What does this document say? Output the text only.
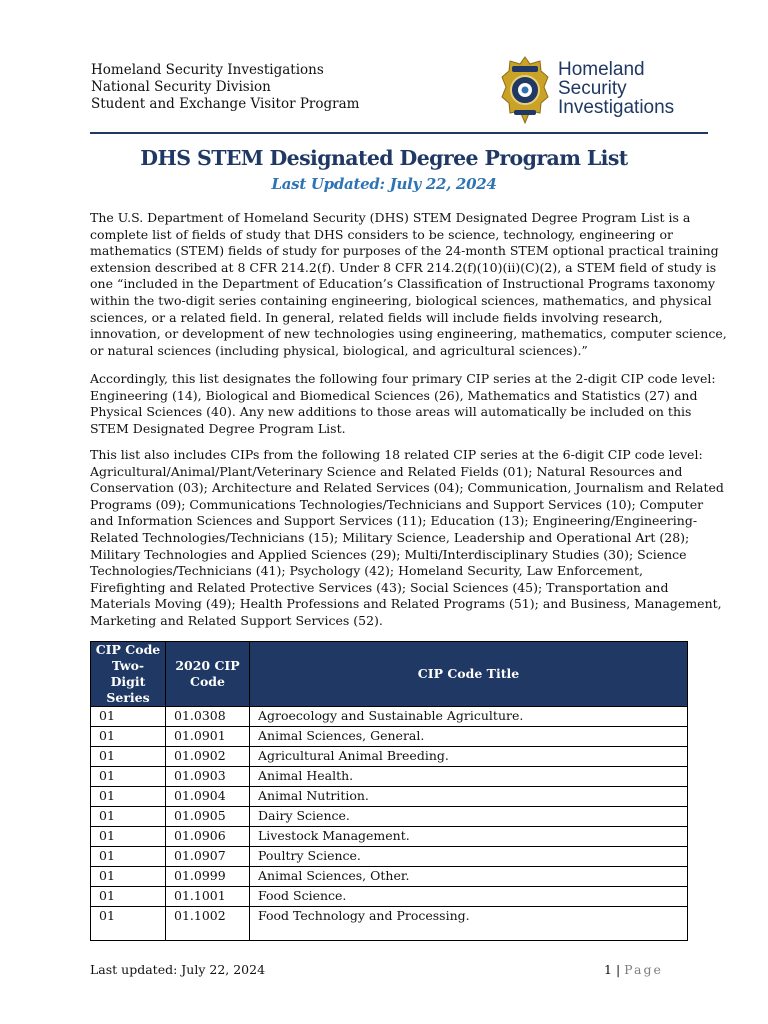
Homeland Security Investigations
National Security Division
Student and Exchange Visitor Program
Homeland
Security
Investigations
DHS STEM Designated Degree Program List
Last Updated: July 22, 2024
The U.S. Department of Homeland Security (DHS) STEM Designated Degree Program List is a
complete list of fields of study that DHS considers to be science, technology, engineering or
mathematics (STEM) fields of study for purposes of the 24-month STEM optional practical training
extension described at 8 CFR 214.2(f). Under 8 CFR 214.2(f)(10)(ii)(C)(2), a STEM field of study is
one “included in the Department of Education’s Classification of Instructional Programs taxonomy
within the two-digit series containing engineering, biological sciences, mathematics, and physical
sciences, or a related field. In general, related fields will include fields involving research,
innovation, or development of new technologies using engineering, mathematics, computer science,
or natural sciences (including physical, biological, and agricultural sciences).”
Accordingly, this list designates the following four primary CIP series at the 2-digit CIP code level:
Engineering (14), Biological and Biomedical Sciences (26), Mathematics and Statistics (27) and
Physical Sciences (40). Any new additions to those areas will automatically be included on this
STEM Designated Degree Program List.
This list also includes CIPs from the following 18 related CIP series at the 6-digit CIP code level:
Agricultural/Animal/Plant/Veterinary Science and Related Fields (01); Natural Resources and
Conservation (03); Architecture and Related Services (04); Communication, Journalism and Related
Programs (09); Communications Technologies/Technicians and Support Services (10); Computer
and Information Sciences and Support Services (11); Education (13); Engineering/Engineering-
Related Technologies/Technicians (15); Military Science, Leadership and Operational Art (28);
Military Technologies and Applied Sciences (29); Multi/Interdisciplinary Studies (30); Science
Technologies/Technicians (41); Psychology (42); Homeland Security, Law Enforcement,
Firefighting and Related Protective Services (43); Social Sciences (45); Transportation and
Materials Moving (49); Health Professions and Related Programs (51); and Business, Management,
Marketing and Related Support Services (52).
CIP Code Two-Digit Series	2020 CIP Code	CIP Code Title
01	01.0308	Agroecology and Sustainable Agriculture.
01	01.0901	Animal Sciences, General.
01	01.0902	Agricultural Animal Breeding.
01	01.0903	Animal Health.
01	01.0904	Animal Nutrition.
01	01.0905	Dairy Science.
01	01.0906	Livestock Management.
01	01.0907	Poultry Science.
01	01.0999	Animal Sciences, Other.
01	01.1001	Food Science.
01	01.1002	Food Technology and Processing.
Last updated: July 22, 2024	1 | Page
